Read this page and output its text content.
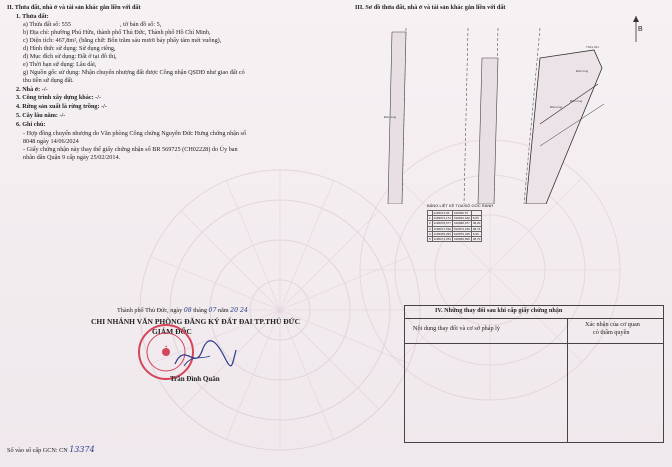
II. Thửa đất, nhà ở và tài sản khác gắn liền với đất
1. Thửa đất:
a) Thửa đất số: 555	, tờ bản đồ số: 5,
b) Địa chỉ: phường Phú Hữu, thành phố Thủ Đức, Thành phố Hồ Chí Minh,
c) Diện tích: 467,8m², (bằng chữ: Bốn trăm sáu mươi bảy phẩy tám mét vuông),
d) Hình thức sử dụng: Sử dụng riêng,
đ) Mục đích sử dụng: Đất ở tại đô thị,
e) Thời hạn sử dụng: Lâu dài,
g) Nguồn gốc sử dụng: Nhận chuyển nhượng đất được Công nhận QSDĐ như giao đất có
thu tiền sử dụng đất.
2. Nhà ở: -/-
3. Công trình xây dựng khác: -/-
4. Rừng sản xuất là rừng trồng: -/-
5. Cây lâu năm: -/-
6. Ghi chú:
- Hợp đồng chuyển nhượng do Văn phòng Công chứng Nguyễn Đức Hưng chứng nhận số
8048 ngày 14/06/2024
- Giấy chứng nhận này thay thế giấy chứng nhận số BR 569725 (CH02228) do Ủy ban
nhân dân Quận 9 cấp ngày 25/02/2014.
Thành phố Thủ Đức, ngày 08 tháng 07 năm 20 24
CHI NHÁNH VĂN PHÒNG ĐĂNG KÝ ĐẤT ĐAI TP.THỦ ĐỨC
GIÁM ĐỐC
✶
Trần Đình Quân
Số vào sổ cấp GCN: CN 13374
III. Sơ đồ thửa đất, nhà ở và tài sản khác gắn liền với đất
B
Thửa 541
Đất nông
Đất nông
Đất nông
Đất nông
BẢNG LIỆT KÊ TỌA ĐỘ GÓC RANH
	1195074.06	610836.57	
1	1195074,172	610834,640	6,00
2	1195079,577	610836,977	38,20
3	1195071,516	610874,196	38,74
4	1195065,291	610879,325	6,90
5	1195071,253	610839,826	38,70
IV. Những thay đổi sau khi cấp giấy chứng nhận
Nội dung thay đổi và cơ sở pháp lý
Xác nhận của cơ quan
có thẩm quyền
